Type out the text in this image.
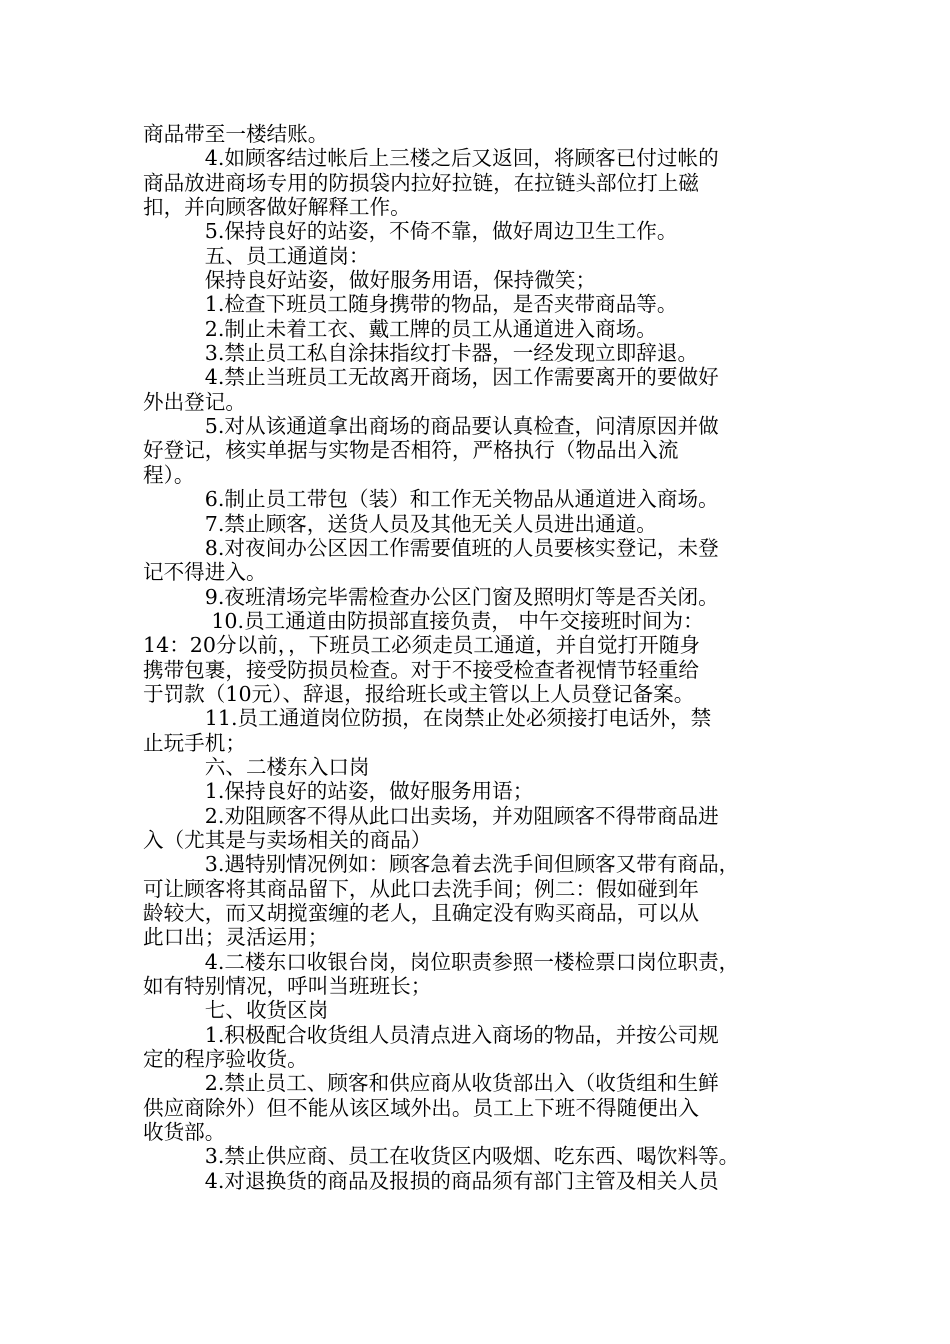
商品带至一楼结账。
　　　4.如顾客结过帐后上三楼之后又返回，将顾客已付过帐的
商品放进商场专用的防损袋内拉好拉链，在拉链头部位打上磁
扣，并向顾客做好解释工作。
　　　5.保持良好的站姿，不倚不靠，做好周边卫生工作。
　　　五、员工通道岗：
　　　保持良好站姿，做好服务用语，保持微笑；
　　　1.检查下班员工随身携带的物品，是否夹带商品等。
　　　2.制止未着工衣、戴工牌的员工从通道进入商场。
　　　3.禁止员工私自涂抹指纹打卡器，一经发现立即辞退。
　　　4.禁止当班员工无故离开商场，因工作需要离开的要做好
外出登记。
　　　5.对从该通道拿出商场的商品要认真检查，问清原因并做
好登记，核实单据与实物是否相符，严格执行（物品出入流
程）。
　　　6.制止员工带包（装）和工作无关物品从通道进入商场。
　　　7.禁止顾客，送货人员及其他无关人员进出通道。
　　　8.对夜间办公区因工作需要值班的人员要核实登记，未登
记不得进入。
　　　9.夜班清场完毕需检查办公区门窗及照明灯等是否关闭。
　　　 10.员工通道由防损部直接负责， 中午交接班时间为：
14：20分以前，，下班员工必须走员工通道，并自觉打开随身
携带包裹，接受防损员检查。对于不接受检查者视情节轻重给
于罚款（10元）、辞退，报给班长或主管以上人员登记备案。
　　　11.员工通道岗位防损，在岗禁止处必须接打电话外，禁
止玩手机；
　　　六、二楼东入口岗
　　　1.保持良好的站姿，做好服务用语；
　　　2.劝阻顾客不得从此口出卖场，并劝阻顾客不得带商品进
入（尤其是与卖场相关的商品）
　　　3.遇特别情况例如：顾客急着去洗手间但顾客又带有商品，
可让顾客将其商品留下，从此口去洗手间；例二：假如碰到年
龄较大，而又胡搅蛮缠的老人，且确定没有购买商品，可以从
此口出；灵活运用；
　　　4.二楼东口收银台岗，岗位职责参照一楼检票口岗位职责，
如有特别情况，呼叫当班班长；
　　　七、收货区岗
　　　1.积极配合收货组人员清点进入商场的物品，并按公司规
定的程序验收货。
　　　2.禁止员工、顾客和供应商从收货部出入（收货组和生鲜
供应商除外）但不能从该区域外出。员工上下班不得随便出入
收货部。
　　　3.禁止供应商、员工在收货区内吸烟、吃东西、喝饮料等。
　　　4.对退换货的商品及报损的商品须有部门主管及相关人员
